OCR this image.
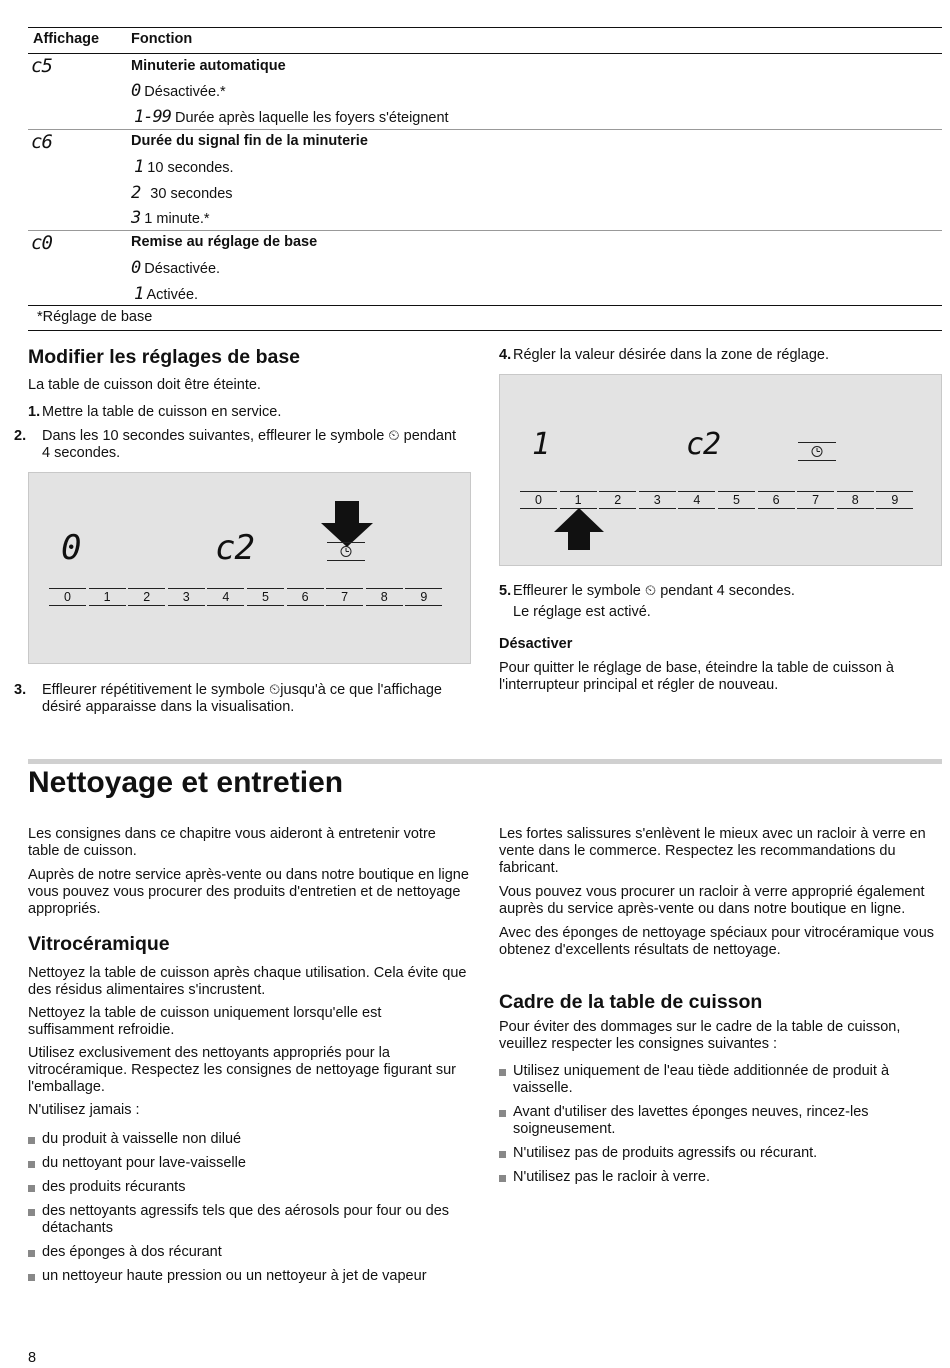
Affichage Fonction
c5	Minuterie automatique
0 Désactivée.*
1-99 Durée après laquelle les foyers s'éteignent
c6	Durée du signal fin de la minuterie
1 10 secondes.
2 30 secondes
3 1 minute.*
c0	Remise au réglage de base
0 Désactivée.
1 Activée.
*Réglage de base
Modifier les réglages de base

La table de cuisson doit être éteinte.

1. Mettre la table de cuisson en service.
2. Dans les 10 secondes suivantes, effleurer le symbole ⏲ pendant 4 secondes.
0	c2
0	1	2	3	4	5	6	7	8	9
3. Effleurer répétitivement le symbole ⏲jusqu'à ce que l'affichage désiré apparaisse dans la visualisation.
4. Régler la valeur désirée dans la zone de réglage.
1	c2
0	1	2	3	4	5	6	7	8	9
5. Effleurer le symbole ⏲ pendant 4 secondes.

Le réglage est activé.

Désactiver

Pour quitter le réglage de base, éteindre la table de cuisson à l'interrupteur principal et régler de nouveau.

Nettoyage et entretien

Les consignes dans ce chapitre vous aideront à entretenir votre table de cuisson.

Auprès de notre service après-vente ou dans notre boutique en ligne vous pouvez vous procurer des produits d'entretien et de nettoyage appropriés.

Vitrocéramique

Nettoyez la table de cuisson après chaque utilisation. Cela évite que des résidus alimentaires s'incrustent.

Nettoyez la table de cuisson uniquement lorsqu'elle est suffisamment refroidie.

Utilisez exclusivement des nettoyants appropriés pour la vitrocéramique. Respectez les consignes de nettoyage figurant sur l'emballage.

N'utilisez jamais :

du produit à vaisselle non dilué
du nettoyant pour lave-vaisselle
des produits récurants
des nettoyants agressifs tels que des aérosols pour four ou des détachants
des éponges à dos récurant
un nettoyeur haute pression ou un nettoyeur à jet de vapeur

Les fortes salissures s'enlèvent le mieux avec un racloir à verre en vente dans le commerce. Respectez les recommandations du fabricant.

Vous pouvez vous procurer un racloir à verre approprié également auprès du service après-vente ou dans notre boutique en ligne.

Avec des éponges de nettoyage spéciaux pour vitrocéramique vous obtenez d'excellents résultats de nettoyage.

Cadre de la table de cuisson

Pour éviter des dommages sur le cadre de la table de cuisson, veuillez respecter les consignes suivantes :

Utilisez uniquement de l'eau tiède additionnée de produit à vaisselle.
Avant d'utiliser des lavettes éponges neuves, rincez-les soigneusement.
N'utilisez pas de produits agressifs ou récurant.
N'utilisez pas le racloir à verre.
8
